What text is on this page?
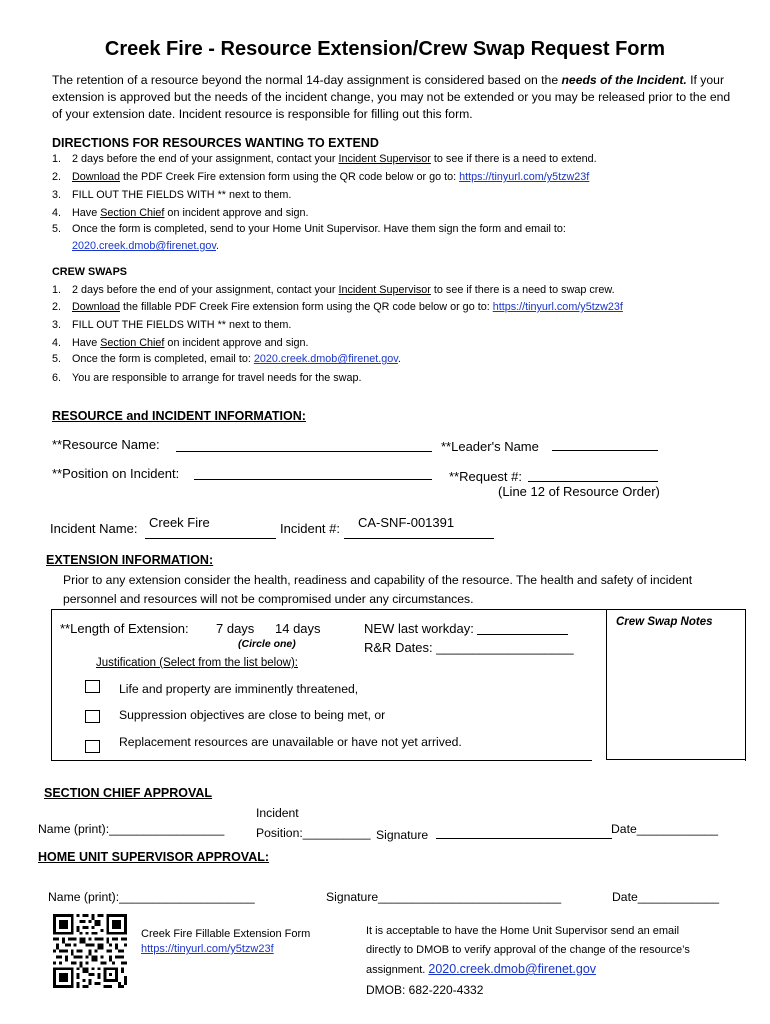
Creek Fire - Resource Extension/Crew Swap Request Form
The retention of a resource beyond the normal 14-day assignment is considered based on the needs of the Incident. If your extension is approved but the needs of the incident change, you may not be extended or you may be released prior to the end of your extension date. Incident resource is responsible for filling out this form.
DIRECTIONS FOR RESOURCES WANTING TO EXTEND
1. 2 days before the end of your assignment, contact your Incident Supervisor to see if there is a need to extend.
2. Download the PDF Creek Fire extension form using the QR code below or go to: https://tinyurl.com/y5tzw23f
3. FILL OUT THE FIELDS WITH ** next to them.
4. Have Section Chief on incident approve and sign.
5. Once the form is completed, send to your Home Unit Supervisor. Have them sign the form and email to:
2020.creek.dmob@firenet.gov.
CREW SWAPS
1. 2 days before the end of your assignment, contact your Incident Supervisor to see if there is a need to swap crew.
2. Download the fillable PDF Creek Fire extension form using the QR code below or go to: https://tinyurl.com/y5tzw23f
3. FILL OUT THE FIELDS WITH ** next to them.
4. Have Section Chief on incident approve and sign.
5. Once the form is completed, email to: 2020.creek.dmob@firenet.gov.
6. You are responsible to arrange for travel needs for the swap.
RESOURCE and INCIDENT INFORMATION:
**Resource Name:	**Leader's Name
**Position on Incident:	**Request #:
(Line 12 of Resource Order)
Incident Name: Creek Fire	Incident #: CA-SNF-001391
EXTENSION INFORMATION:
Prior to any extension consider the health, readiness and capability of the resource. The health and safety of incident personnel and resources will not be compromised under any circumstances.
**Length of Extension: 7 days 14 days
(Circle one)
NEW last workday:
R&R Dates: ___________________
Justification (Select from the list below):
Life and property are imminently threatened,
Suppression objectives are close to being met, or
Replacement resources are unavailable or have not yet arrived.
Crew Swap Notes
SECTION CHIEF APPROVAL
Name (print):_________________
Incident
Position:__________ Signature	Date____________
HOME UNIT SUPERVISOR APPROVAL:
Name (print):____________________	Signature___________________________	Date____________
Creek Fire Fillable Extension Form
https://tinyurl.com/y5tzw23f
It is acceptable to have the Home Unit Supervisor send an email
directly to DMOB to verify approval of the change of the resource’s
assignment. 2020.creek.dmob@firenet.gov
DMOB: 682-220-4332
